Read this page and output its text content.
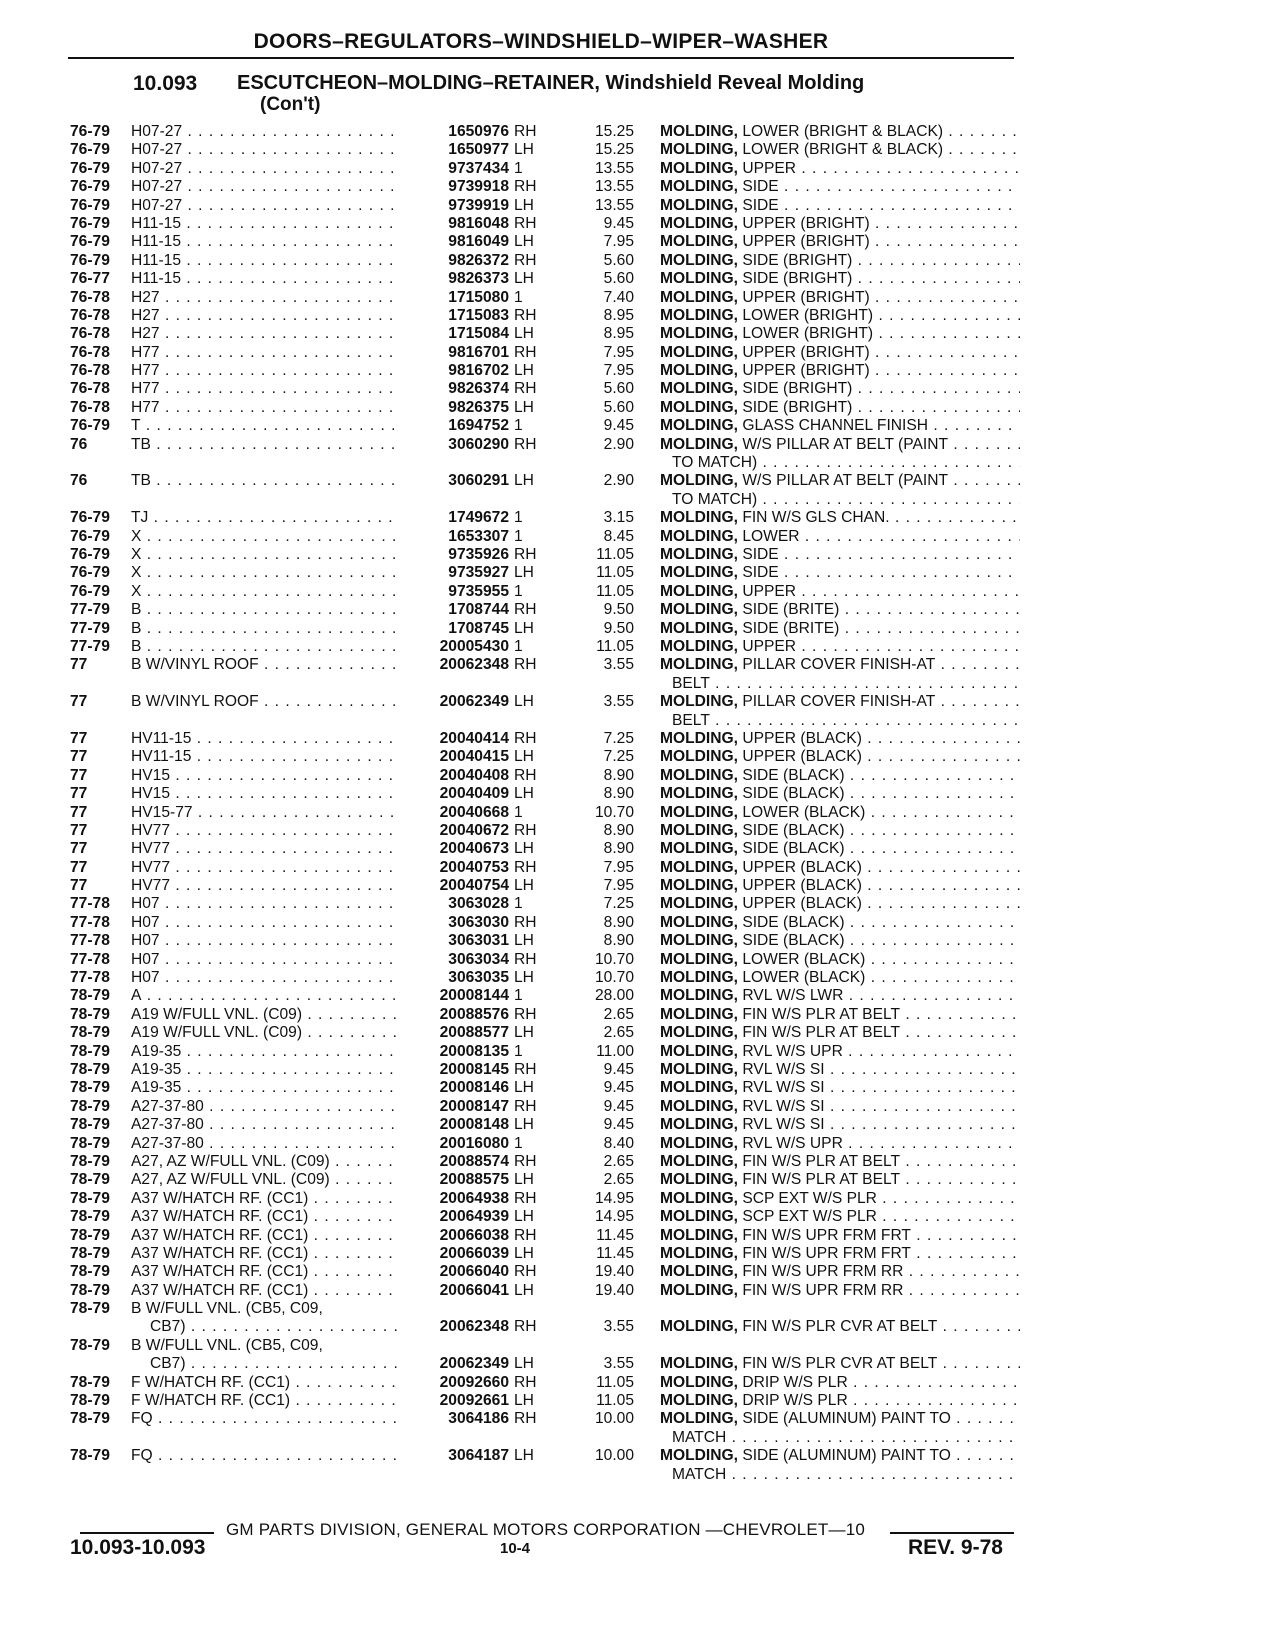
DOORS–REGULATORS–WINDSHIELD–WIPER–WASHER
10.093 ESCUTCHEON–MOLDING–RETAINER, Windshield Reveal Molding
(Con't)
76-79 H07-27 . . .	1650976 RH	15.25 MOLDING, LOWER (BRIGHT & BLACK) . . .
76-79 H07-27 . . .	1650977 LH	15.25 MOLDING, LOWER (BRIGHT & BLACK) . . .
76-79 H07-27 . . .	9737434 1	13.55 MOLDING, UPPER . . .
76-79 H07-27 . . .	9739918 RH	13.55 MOLDING, SIDE . . .
76-79 H07-27 . . .	9739919 LH	13.55 MOLDING, SIDE . . .
76-79 H11-15 . . .	9816048 RH	9.45 MOLDING, UPPER (BRIGHT) . . .
76-79 H11-15 . . .	9816049 LH	7.95 MOLDING, UPPER (BRIGHT) . . .
76-79 H11-15 . . .	9826372 RH	5.60 MOLDING, SIDE (BRIGHT) . . .
76-77 H11-15 . . .	9826373 LH	5.60 MOLDING, SIDE (BRIGHT) . . .
76-78 H27 . . .	1715080 1	7.40 MOLDING, UPPER (BRIGHT) . . .
76-78 H27 . . .	1715083 RH	8.95 MOLDING, LOWER (BRIGHT) . . .
76-78 H27 . . .	1715084 LH	8.95 MOLDING, LOWER (BRIGHT) . . .
76-78 H77 . . .	9816701 RH	7.95 MOLDING, UPPER (BRIGHT) . . .
76-78 H77 . . .	9816702 LH	7.95 MOLDING, UPPER (BRIGHT) . . .
76-78 H77 . . .	9826374 RH	5.60 MOLDING, SIDE (BRIGHT) . . .
76-78 H77 . . .	9826375 LH	5.60 MOLDING, SIDE (BRIGHT) . . .
76-79 T . . .	1694752 1	9.45 MOLDING, GLASS CHANNEL FINISH . . .
76	TB . . .	3060290 RH	2.90 MOLDING, W/S PILLAR AT BELT (PAINT . . .
TO MATCH) . . .
76	TB . . .	3060291 LH	2.90 MOLDING, W/S PILLAR AT BELT (PAINT . . .
TO MATCH) . . .
76-79 TJ . . .	1749672 1	3.15 MOLDING, FIN W/S GLS CHAN. . . .
76-79 X . . .	1653307 1	8.45 MOLDING, LOWER . . .
76-79 X . . .	9735926 RH	11.05 MOLDING, SIDE . . .
76-79 X . . .	9735927 LH	11.05 MOLDING, SIDE . . .
76-79 X . . .	9735955 1	11.05 MOLDING, UPPER . . .
77-79 B . . .	1708744 RH	9.50 MOLDING, SIDE (BRITE) . . .
77-79 B . . .	1708745 LH	9.50 MOLDING, SIDE (BRITE) . . .
77-79 B . . .	20005430 1	11.05 MOLDING, UPPER . . .
77	B W/VINYL ROOF . . .	20062348 RH	3.55 MOLDING, PILLAR COVER FINISH-AT . . .
BELT . . .
77	B W/VINYL ROOF . . .	20062349 LH	3.55 MOLDING, PILLAR COVER FINISH-AT . . .
BELT . . .
77	HV11-15 . . .	20040414 RH	7.25 MOLDING, UPPER (BLACK) . . .
77	HV11-15 . . .	20040415 LH	7.25 MOLDING, UPPER (BLACK) . . .
77	HV15 . . .	20040408 RH	8.90 MOLDING, SIDE (BLACK) . . .
77	HV15 . . .	20040409 LH	8.90 MOLDING, SIDE (BLACK) . . .
77	HV15-77 . . .	20040668 1	10.70 MOLDING, LOWER (BLACK) . . .
77	HV77 . . .	20040672 RH	8.90 MOLDING, SIDE (BLACK) . . .
77	HV77 . . .	20040673 LH	8.90 MOLDING, SIDE (BLACK) . . .
77	HV77 . . .	20040753 RH	7.95 MOLDING, UPPER (BLACK) . . .
77	HV77 . . .	20040754 LH	7.95 MOLDING, UPPER (BLACK) . . .
77-78 H07 . . .	3063028 1	7.25 MOLDING, UPPER (BLACK) . . .
77-78 H07 . . .	3063030 RH	8.90 MOLDING, SIDE (BLACK) . . .
77-78 H07 . . .	3063031 LH	8.90 MOLDING, SIDE (BLACK) . . .
77-78 H07 . . .	3063034 RH	10.70 MOLDING, LOWER (BLACK) . . .
77-78 H07 . . .	3063035 LH	10.70 MOLDING, LOWER (BLACK) . . .
78-79 A . . .	20008144 1	28.00 MOLDING, RVL W/S LWR . . .
78-79 A19 W/FULL VNL. (C09) . . .	20088576 RH	2.65 MOLDING, FIN W/S PLR AT BELT . . .
78-79 A19 W/FULL VNL. (C09) . . .	20088577 LH	2.65 MOLDING, FIN W/S PLR AT BELT . . .
78-79 A19-35 . . .	20008135 1	11.00 MOLDING, RVL W/S UPR . . .
78-79 A19-35 . . .	20008145 RH	9.45 MOLDING, RVL W/S SI . . .
78-79 A19-35 . . .	20008146 LH	9.45 MOLDING, RVL W/S SI . . .
78-79 A27-37-80 . . .	20008147 RH	9.45 MOLDING, RVL W/S SI . . .
78-79 A27-37-80 . . .	20008148 LH	9.45 MOLDING, RVL W/S SI . . .
78-79 A27-37-80 . . .	20016080 1	8.40 MOLDING, RVL W/S UPR . . .
78-79 A27, AZ W/FULL VNL. (C09) . . .	20088574 RH	2.65 MOLDING, FIN W/S PLR AT BELT . . .
78-79 A27, AZ W/FULL VNL. (C09) . . .	20088575 LH	2.65 MOLDING, FIN W/S PLR AT BELT . . .
78-79 A37 W/HATCH RF. (CC1) . . .	20064938 RH	14.95 MOLDING, SCP EXT W/S PLR . . .
78-79 A37 W/HATCH RF. (CC1) . . .	20064939 LH	14.95 MOLDING, SCP EXT W/S PLR . . .
78-79 A37 W/HATCH RF. (CC1) . . .	20066038 RH	11.45 MOLDING, FIN W/S UPR FRM FRT . . .
78-79 A37 W/HATCH RF. (CC1) . . .	20066039 LH	11.45 MOLDING, FIN W/S UPR FRM FRT . . .
78-79 A37 W/HATCH RF. (CC1) . . .	20066040 RH	19.40 MOLDING, FIN W/S UPR FRM RR . . .
78-79 A37 W/HATCH RF. (CC1) . . .	20066041 LH	19.40 MOLDING, FIN W/S UPR FRM RR . . .
78-79 B W/FULL VNL. (CB5, C09,
CB7) . . .	20062348 RH	3.55 MOLDING, FIN W/S PLR CVR AT BELT . . .
78-79 B W/FULL VNL. (CB5, C09,
CB7) . . .	20062349 LH	3.55 MOLDING, FIN W/S PLR CVR AT BELT . . .
78-79 F W/HATCH RF. (CC1) . . .	20092660 RH	11.05 MOLDING, DRIP W/S PLR . . .
78-79 F W/HATCH RF. (CC1) . . .	20092661 LH	11.05 MOLDING, DRIP W/S PLR . . .
78-79 FQ . . .	3064186 RH	10.00 MOLDING, SIDE (ALUMINUM) PAINT TO . . .
MATCH . . .
78-79 FQ . . .	3064187 LH	10.00 MOLDING, SIDE (ALUMINUM) PAINT TO . . .
MATCH . . .
GM PARTS DIVISION, GENERAL MOTORS CORPORATION —CHEVROLET—10
10.093-10.093	10-4	REV. 9-78
